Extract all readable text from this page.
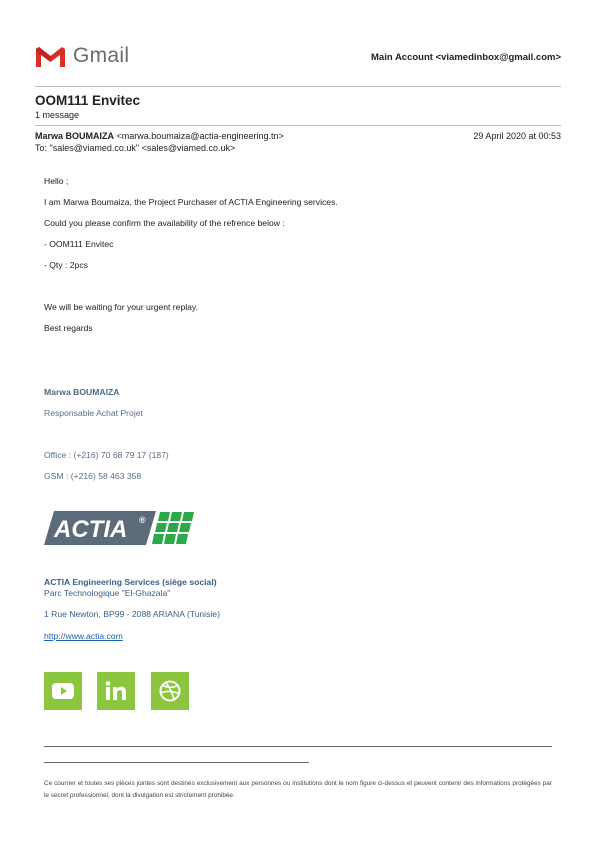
Gmail	Main Account <viamedinbox@gmail.com>
OOM111 Envitec
1 message
Marwa BOUMAIZA <marwa.boumaiza@actia-engineering.tn>	29 April 2020 at 00:53
To: "sales@viamed.co.uk" <sales@viamed.co.uk>
Hello ;
I am Marwa Boumaiza, the Project Purchaser of ACTIA Engineering services.
Could you please confirm the availability of the refrence below :
- OOM111 Envitec
- Qty : 2pcs
We will be waiting for your urgent replay.
Best regards
Marwa BOUMAIZA
Responsable Achat Projet
Office : (+216) 70 68 79 17 (187)
GSM : (+216) 58 463 358
ACTIA ®
ACTIA Engineering Services (siège social)
Parc Technologique "El-Ghazala"
1 Rue Newton, BP99 - 2088 ARIANA (Tunisie)
http://www.actia.com
Ce courrier et toutes ses pièces jointes sont destinés exclusivement aux personnes ou institutions dont le nom figure ci-dessus et peuvent contenir des informations protégées par le secret professionnel, dont la divulgation est strictement prohibée.
